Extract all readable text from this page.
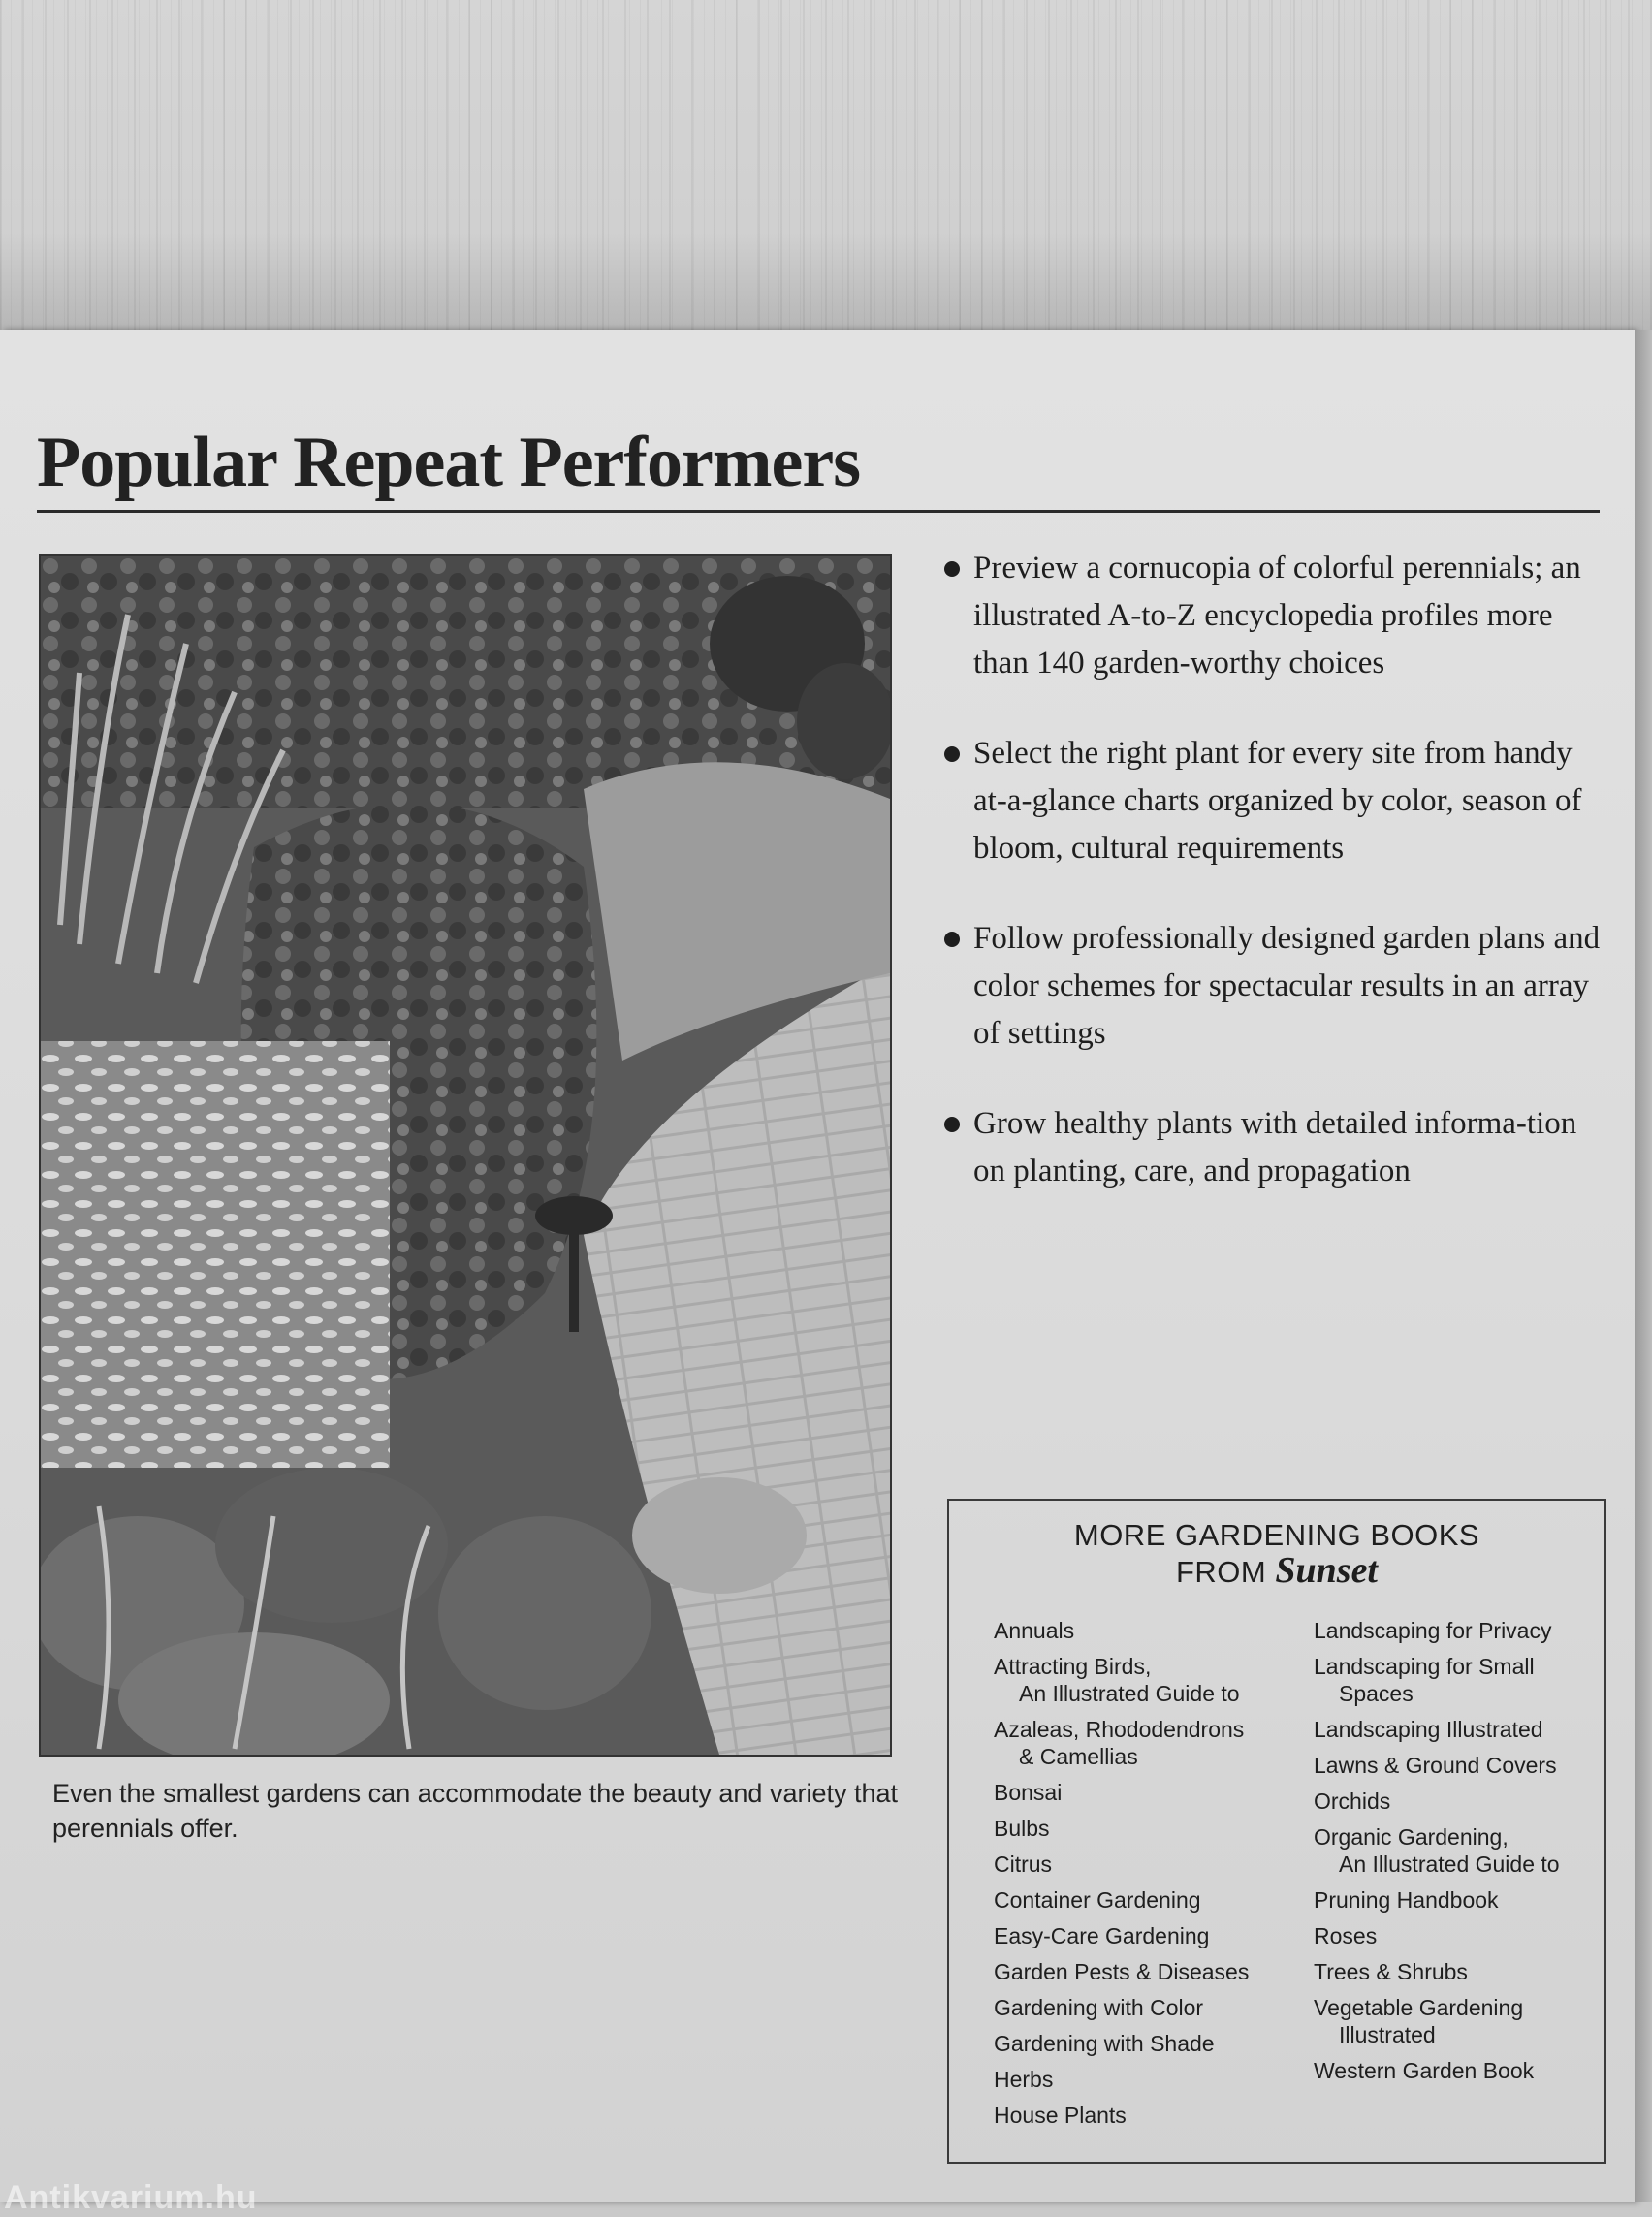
Popular Repeat Performers

Even the smallest gardens can accommodate the beauty and variety that perennials offer.

Preview a cornucopia of colorful perennials; an illustrated A-to-Z encyclopedia profiles more than 140 garden-worthy choices
Select the right plant for every site from handy at-a-glance charts organized by color, season of bloom, cultural requirements
Follow professionally designed garden plans and color schemes for spectacular results in an array of settings
Grow healthy plants with detailed informa-tion on planting, care, and propagation
MORE GARDENING BOOKS
FROM Sunset
Annuals
Attracting Birds,
An Illustrated Guide to
Azaleas, Rhododendrons
& Camellias
Bonsai
Bulbs
Citrus
Container Gardening
Easy-Care Gardening
Garden Pests & Diseases
Gardening with Color
Gardening with Shade
Herbs
House Plants
Landscaping for Privacy
Landscaping for Small
Spaces
Landscaping Illustrated
Lawns & Ground Covers
Orchids
Organic Gardening,
An Illustrated Guide to
Pruning Handbook
Roses
Trees & Shrubs
Vegetable Gardening
Illustrated
Western Garden Book

Antikvarium.hu
